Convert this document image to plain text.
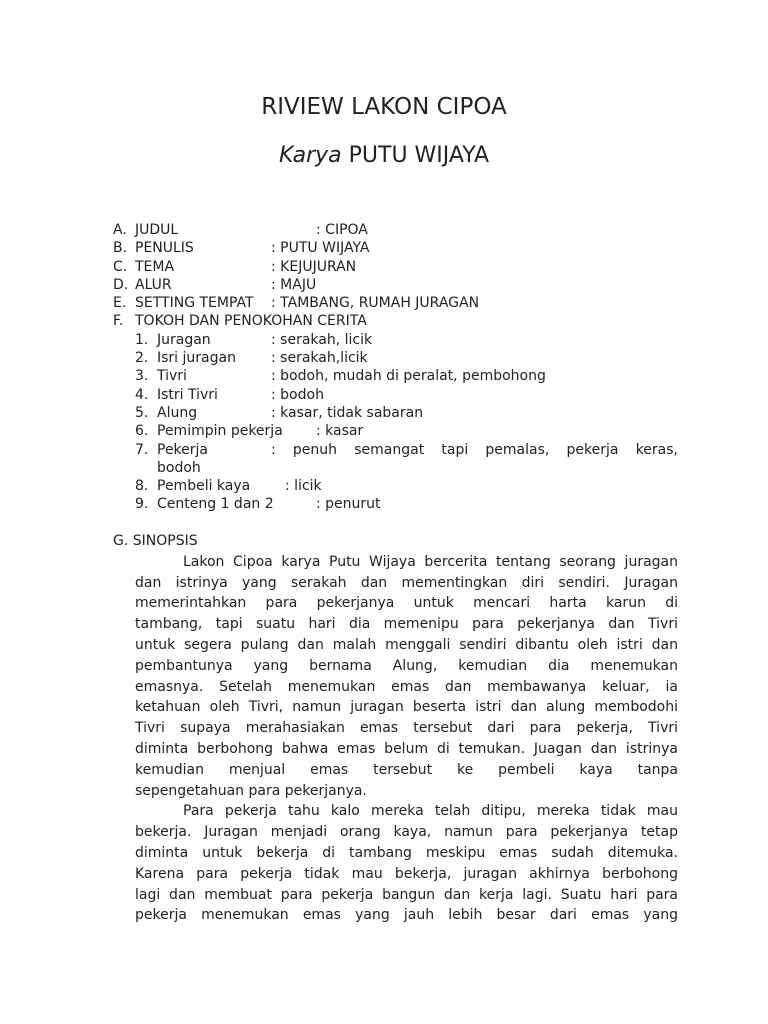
RIVIEW LAKON CIPOA
Karya PUTU WIJAYA
A. JUDUL	: CIPOA
B. PENULIS	: PUTU WIJAYA
C. TEMA	: KEJUJURAN
D. ALUR	: MAJU
E. SETTING TEMPAT : TAMBANG, RUMAH JURAGAN
F. TOKOH DAN PENOKOHAN CERITA
1. Juragan	: serakah, licik
2. Isri juragan	: serakah,licik
3. Tivri	: bodoh, mudah di peralat, pembohong
4. Istri Tivri	: bodoh
5. Alung	: kasar, tidak sabaran
6. Pemimpin pekerja : kasar
7. Pekerja	: penuh semangat tapi pemalas, pekerja keras,
bodoh
8. Pembeli kaya : licik
9. Centeng 1 dan 2	: penurut
G. SINOPSIS
Lakon Cipoa karya Putu Wijaya bercerita tentang seorang juragan
dan istrinya yang serakah dan mementingkan diri sendiri. Juragan
memerintahkan para pekerjanya untuk mencari harta karun di
tambang, tapi suatu hari dia memenipu para pekerjanya dan Tivri
untuk segera pulang dan malah menggali sendiri dibantu oleh istri dan
pembantunya yang bernama Alung, kemudian dia menemukan
emasnya. Setelah menemukan emas dan membawanya keluar, ia
ketahuan oleh Tivri, namun juragan beserta istri dan alung membodohi
Tivri supaya merahasiakan emas tersebut dari para pekerja, Tivri
diminta berbohong bahwa emas belum di temukan. Juagan dan istrinya
kemudian menjual emas tersebut ke pembeli kaya tanpa
sepengetahuan para pekerjanya.
Para pekerja tahu kalo mereka telah ditipu, mereka tidak mau
bekerja. Juragan menjadi orang kaya, namun para pekerjanya tetap
diminta untuk bekerja di tambang meskipu emas sudah ditemuka.
Karena para pekerja tidak mau bekerja, juragan akhirnya berbohong
lagi dan membuat para pekerja bangun dan kerja lagi. Suatu hari para
pekerja menemukan emas yang jauh lebih besar dari emas yang
